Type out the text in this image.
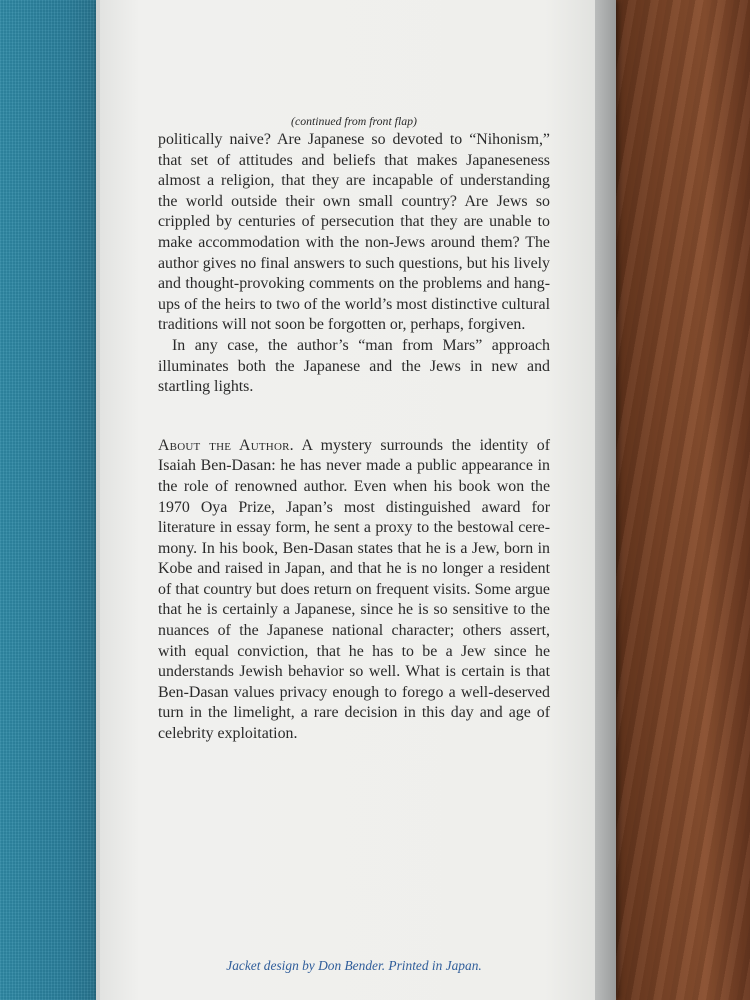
(continued from front flap)

politically naive? Are Japanese so devoted to “Nihonism,” that set of attitudes and beliefs that makes Japaneseness almost a religion, that they are incapable of understanding the world outside their own small country? Are Jews so crippled by centuries of persecution that they are unable to make accommodation with the non-Jews around them? The author gives no final answers to such questions, but his lively and thought-provoking comments on the problems and hang-ups of the heirs to two of the world’s most distinctive cultural traditions will not soon be forgotten or, perhaps, forgiven.

In any case, the author’s “man from Mars” approach illuminates both the Japanese and the Jews in new and startling lights.

About the Author. A mystery surrounds the identity of Isaiah Ben-Dasan: he has never made a public appearance in the role of renowned author. Even when his book won the 1970 Oya Prize, Japan’s most distinguished award for literature in essay form, he sent a proxy to the bestowal ceremony. In his book, Ben-Dasan states that he is a Jew, born in Kobe and raised in Japan, and that he is no longer a resident of that country but does return on frequent visits. Some argue that he is certainly a Japanese, since he is so sensitive to the nuances of the Japanese national character; others assert, with equal conviction, that he has to be a Jew since he understands Jewish behavior so well. What is certain is that Ben-Dasan values privacy enough to forego a well-deserved turn in the limelight, a rare decision in this day and age of celebrity exploitation.

Jacket design by Don Bender. Printed in Japan.
